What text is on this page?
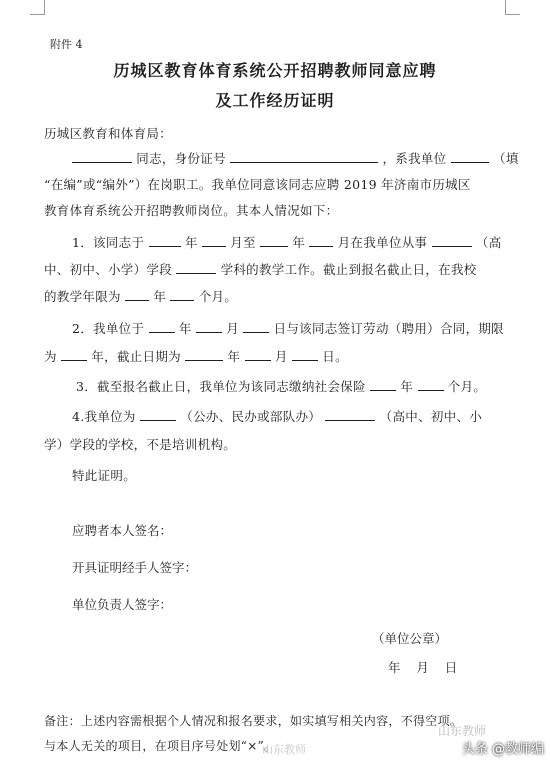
附件 4
历城区教育体育系统公开招聘教师同意应聘
及工作经历证明
历城区教育和体育局：
同志，身份证号	，系我单位	（填
“在编”或“编外”）在岗职工。我单位同意该同志应聘 2019 年济南市历城区
教育体育系统公开招聘教师岗位。其本人情况如下：
1．该同志于	年	月至	年	月在我单位从事	（高
中、初中、小学）学段	学科的教学工作。截止到报名截止日，在我校
的教学年限为	年	个月。
2．我单位于	年	月	日与该同志签订劳动（聘用）合同，期限
为	年，截止日期为	年	月	日。
3．截至报名截止日，我单位为该同志缴纳社会保险	年	个月。
4.我单位为	（公办、民办或部队办）	（高中、初中、小
学）学段的学校，不是培训机构。
特此证明。
应聘者本人签名：
开具证明经手人签字：
单位负责人签字：
（单位公章）
年    月    日
备注：上述内容需根据个人情况和报名要求，如实填写相关内容，不得空项。
与本人无关的项目，在项目序号处划“×”。
山东教师
山东教师
头条 @教师编
